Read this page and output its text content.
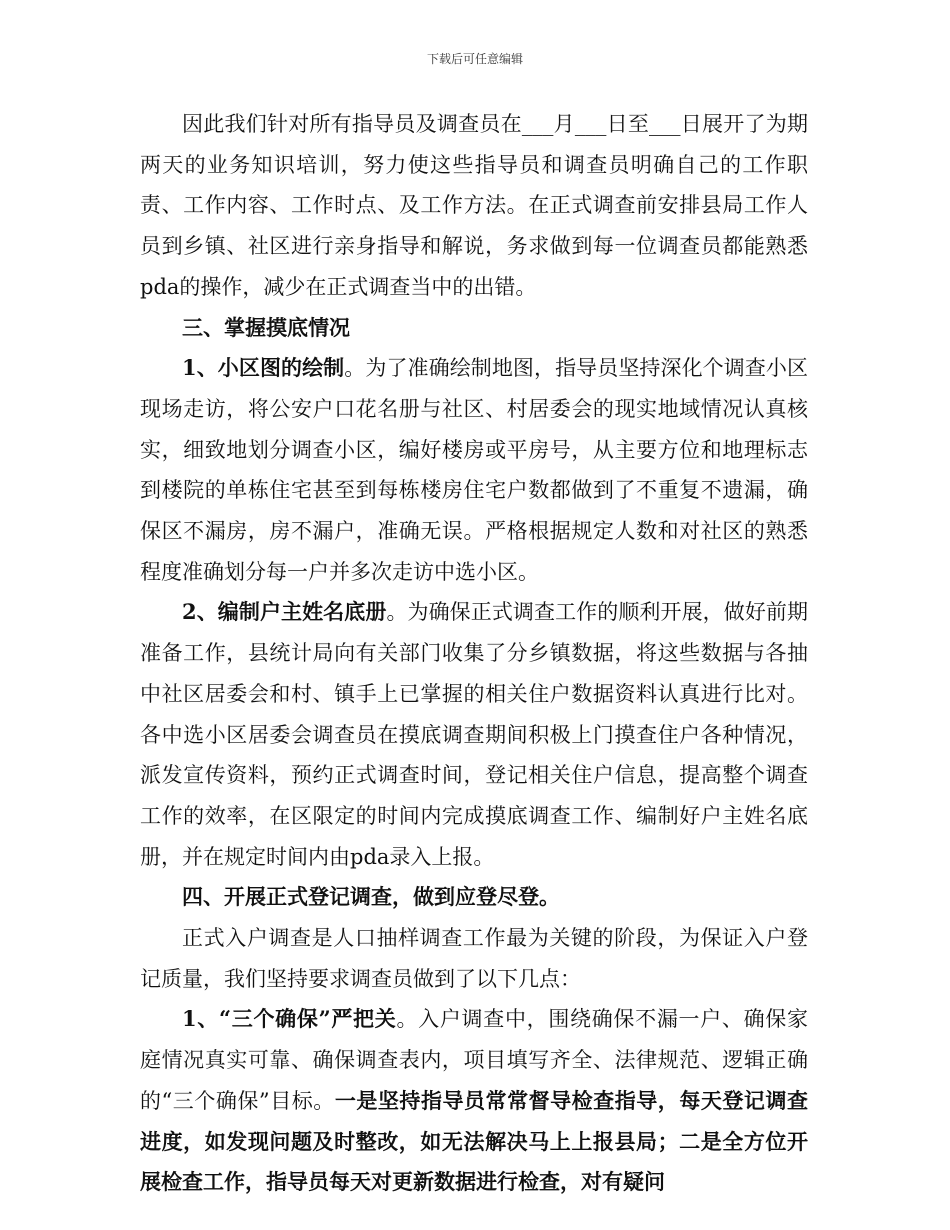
下载后可任意编辑

因此我们针对所有指导员及调查员在___月___日至___日展开了为期两天的业务知识培训，努力使这些指导员和调查员明确自己的工作职责、工作内容、工作时点、及工作方法。在正式调查前安排县局工作人员到乡镇、社区进行亲身指导和解说，务求做到每一位调查员都能熟悉pda的操作，减少在正式调查当中的出错。

三、掌握摸底情况

1、小区图的绘制。为了准确绘制地图，指导员坚持深化个调查小区现场走访，将公安户口花名册与社区、村居委会的现实地域情况认真核实，细致地划分调查小区，编好楼房或平房号，从主要方位和地理标志到楼院的单栋住宅甚至到每栋楼房住宅户数都做到了不重复不遗漏，确保区不漏房，房不漏户，准确无误。严格根据规定人数和对社区的熟悉程度准确划分每一户并多次走访中选小区。

2、编制户主姓名底册。为确保正式调查工作的顺利开展，做好前期准备工作，县统计局向有关部门收集了分乡镇数据，将这些数据与各抽中社区居委会和村、镇手上已掌握的相关住户数据资料认真进行比对。各中选小区居委会调查员在摸底调查期间积极上门摸查住户各种情况，派发宣传资料，预约正式调查时间，登记相关住户信息，提高整个调查工作的效率，在区限定的时间内完成摸底调查工作、编制好户主姓名底册，并在规定时间内由pda录入上报。

四、开展正式登记调查，做到应登尽登。

正式入户调查是人口抽样调查工作最为关键的阶段，为保证入户登记质量，我们坚持要求调查员做到了以下几点：

1、“三个确保”严把关。入户调查中，围绕确保不漏一户、确保家庭情况真实可靠、确保调查表内，项目填写齐全、法律规范、逻辑正确的“三个确保”目标。一是坚持指导员常常督导检查指导，每天登记调查进度，如发现问题及时整改，如无法解决马上上报县局；二是全方位开展检查工作，指导员每天对更新数据进行检查，对有疑问
